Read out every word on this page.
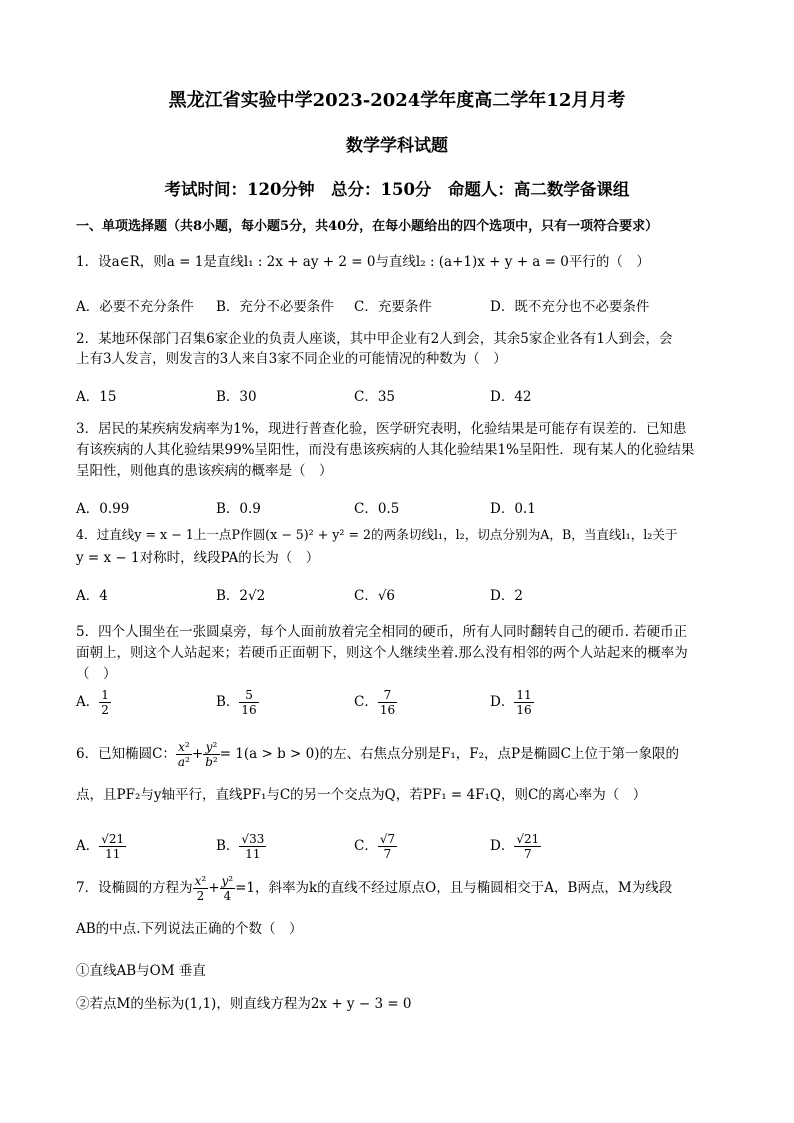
黑龙江省实验中学2023-2024学年度高二学年12月月考
数学学科试题
考试时间：120分钟　总分：150分　命题人：高二数学备课组
一、单项选择题（共8小题，每小题5分，共40分，在每小题给出的四个选项中，只有一项符合要求）
1．设a∈R，则a = 1是直线l₁ : 2x + ay + 2 = 0与直线l₂ : (a+1)x + y + a = 0平行的（　）
A．必要不充分条件 B．充分不必要条件 C．充要条件	D．既不充分也不必要条件
2．某地环保部门召集6家企业的负责人座谈，其中甲企业有2人到会，其余5家企业各有1人到会，会
上有3人发言，则发言的3人来自3家不同企业的可能情况的种数为（　）
A．15	B．30	C．35	D．42
3．居民的某疾病发病率为1%，现进行普查化验，医学研究表明，化验结果是可能存有误差的．已知患
有该疾病的人其化验结果99%呈阳性，而没有患该疾病的人其化验结果1%呈阳性．现有某人的化验结果
呈阳性，则他真的患该疾病的概率是（　）
A．0.99	B．0.9	C．0.5	D．0.1
4．过直线y = x − 1上一点P作圆(x − 5)² + y² = 2的两条切线l₁，l₂，切点分别为A，B，当直线l₁，l₂关于
y = x − 1对称时，线段PA的长为（　）
A．4	B．2√2	C．√6	D．2
5．四个人围坐在一张圆桌旁，每个人面前放着完全相同的硬币，所有人同时翻转自己的硬币. 若硬币正
面朝上，则这个人站起来；若硬币正面朝下，则这个人继续坐着.那么没有相邻的两个人站起来的概率为
（　）
A． $\frac{1}{2}$	B． $\frac{5}{16}$	C． $\frac{7}{16}$	D． $\frac{11}{16}$
6．已知椭圆C： $\frac{\text{x²}}{\text{a²}} + \frac{\text{y²}}{\text{b²}} = 1(a > b > 0)$的左、右焦点分别是F₁，F₂，点P是椭圆C上位于第一象限的
点，且PF₂与y轴平行，直线PF₁与C的另一个交点为Q，若PF₁ = 4F₁Q，则C的离心率为（　）
A． $\frac{√21}{11}$	B． $\frac{√33}{11}$	C． $\frac{√7}{7}$	D． $\frac{√21}{7}$
7．设椭圆的方程为 $\frac{\text{x²}}{2} + \frac{\text{y²}}{4} =1$，斜率为k的直线不经过原点O，且与椭圆相交于A，B两点，M为线段
AB的中点.下列说法正确的个数（　）
①直线AB与OM 垂直
②若点M的坐标为(1,1)，则直线方程为2x + y − 3 = 0
